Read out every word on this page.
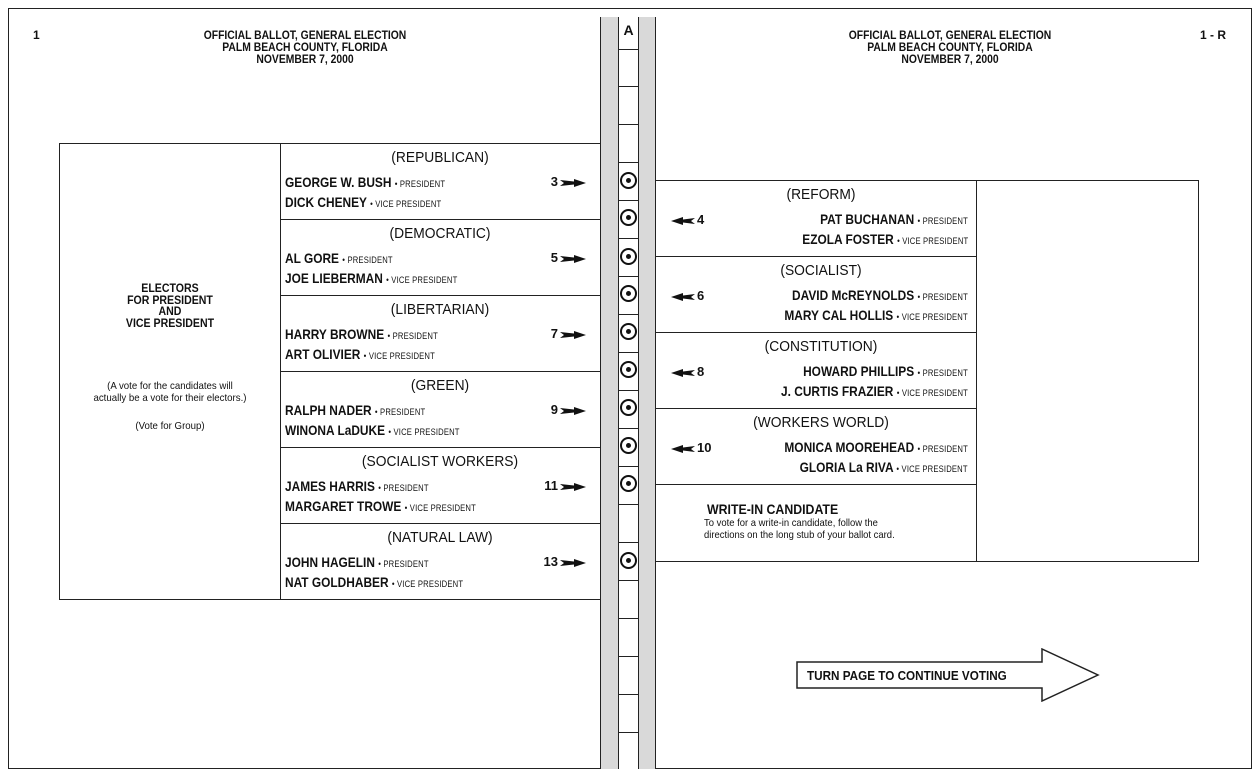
1	OFFICIAL BALLOT, GENERAL ELECTION
PALM BEACH COUNTY, FLORIDA
NOVEMBER 7, 2000
ELECTORS
FOR PRESIDENT
AND
VICE PRESIDENT
(A vote for the candidates will
actually be a vote for their electors.)
(Vote for Group)
(REPUBLICAN)
GEORGE W. BUSH • PRESIDENT
DICK CHENEY • VICE PRESIDENT
3
(DEMOCRATIC)
AL GORE • PRESIDENT
JOE LIEBERMAN • VICE PRESIDENT
5
(LIBERTARIAN)
HARRY BROWNE • PRESIDENT
ART OLIVIER • VICE PRESIDENT
7
(GREEN)
RALPH NADER • PRESIDENT
WINONA LaDUKE • VICE PRESIDENT
9
(SOCIALIST WORKERS)
JAMES HARRIS • PRESIDENT
MARGARET TROWE • VICE PRESIDENT
11
(NATURAL LAW)
JOHN HAGELIN • PRESIDENT
NAT GOLDHABER • VICE PRESIDENT
13
A	1 - R
OFFICIAL BALLOT, GENERAL ELECTION
PALM BEACH COUNTY, FLORIDA
NOVEMBER 7, 2000
WRITE-IN CANDIDATE
To vote for a write-in candidate, follow the
directions on the long stub of your ballot card.
(REFORM)
4	PAT BUCHANAN • PRESIDENT
EZOLA FOSTER • VICE PRESIDENT
(SOCIALIST)
6	DAVID McREYNOLDS • PRESIDENT
MARY CAL HOLLIS • VICE PRESIDENT
(CONSTITUTION)
8	HOWARD PHILLIPS • PRESIDENT
J. CURTIS FRAZIER • VICE PRESIDENT
(WORKERS WORLD)
10	MONICA MOOREHEAD • PRESIDENT
GLORIA La RIVA • VICE PRESIDENT
TURN PAGE TO CONTINUE VOTING
